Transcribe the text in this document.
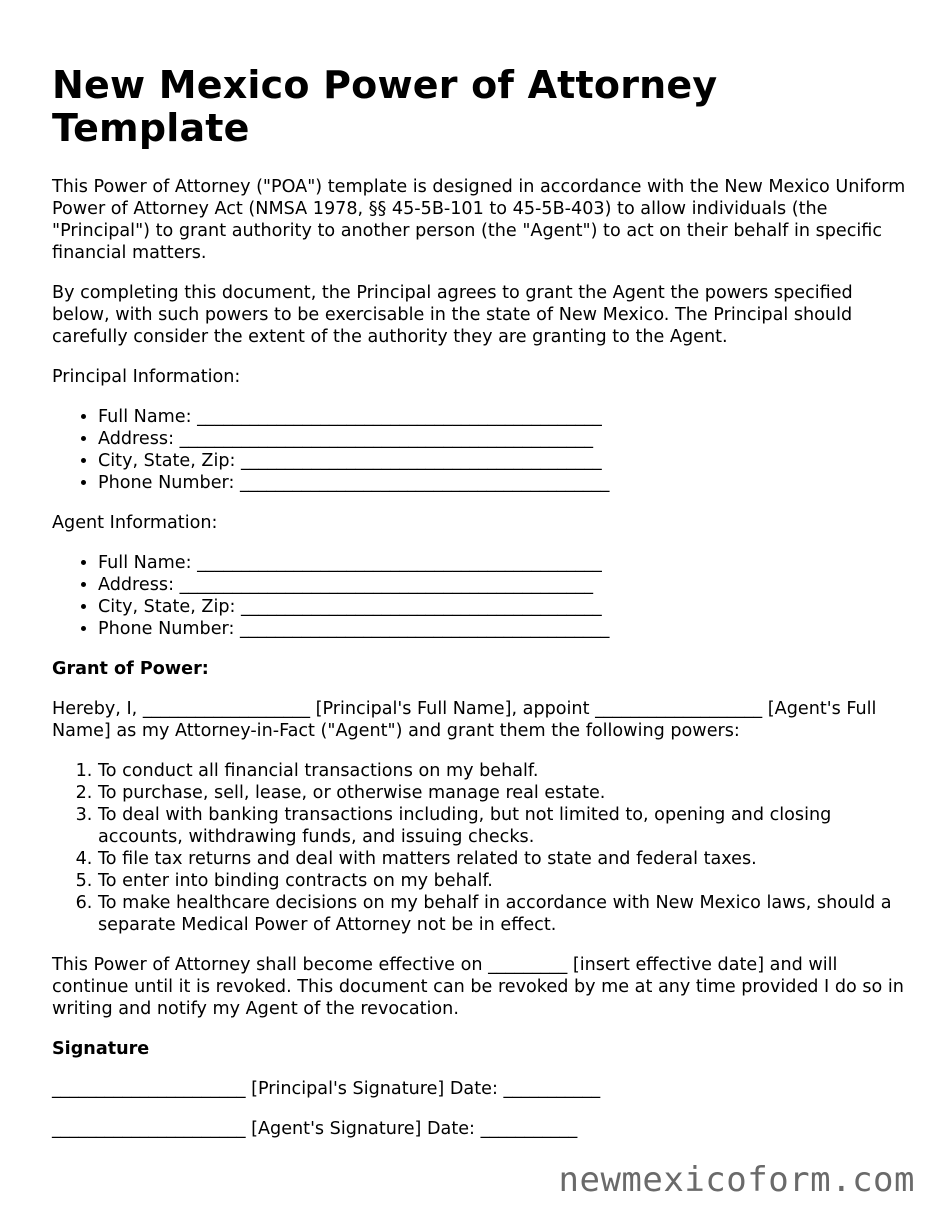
New Mexico Power of Attorney Template

This Power of Attorney ("POA") template is designed in accordance with the New Mexico Uniform Power of Attorney Act (NMSA 1978, §§ 45-5B-101 to 45-5B-403) to allow individuals (the "Principal") to grant authority to another person (the "Agent") to act on their behalf in specific financial matters.

By completing this document, the Principal agrees to grant the Agent the powers specified below, with such powers to be exercisable in the state of New Mexico. The Principal should carefully consider the extent of the authority they are granting to the Agent.

Principal Information:

• Full Name: ______________________________________________
• Address: _______________________________________________
• City, State, Zip: _________________________________________
• Phone Number: __________________________________________

Agent Information:

• Full Name: ______________________________________________
• Address: _______________________________________________
• City, State, Zip: _________________________________________
• Phone Number: __________________________________________

Grant of Power:

Hereby, I, ___________________ [Principal's Full Name], appoint ___________________ [Agent's Full Name] as my Attorney-in-Fact ("Agent") and grant them the following powers:

1. To conduct all financial transactions on my behalf.
2. To purchase, sell, lease, or otherwise manage real estate.
3. To deal with banking transactions including, but not limited to, opening and closing accounts, withdrawing funds, and issuing checks.
4. To file tax returns and deal with matters related to state and federal taxes.
5. To enter into binding contracts on my behalf.
6. To make healthcare decisions on my behalf in accordance with New Mexico laws, should a separate Medical Power of Attorney not be in effect.

This Power of Attorney shall become effective on _________ [insert effective date] and will continue until it is revoked. This document can be revoked by me at any time provided I do so in writing and notify my Agent of the revocation.

Signature

______________________ [Principal's Signature] Date: ___________

______________________ [Agent's Signature] Date: ___________

newmexicoform.com
